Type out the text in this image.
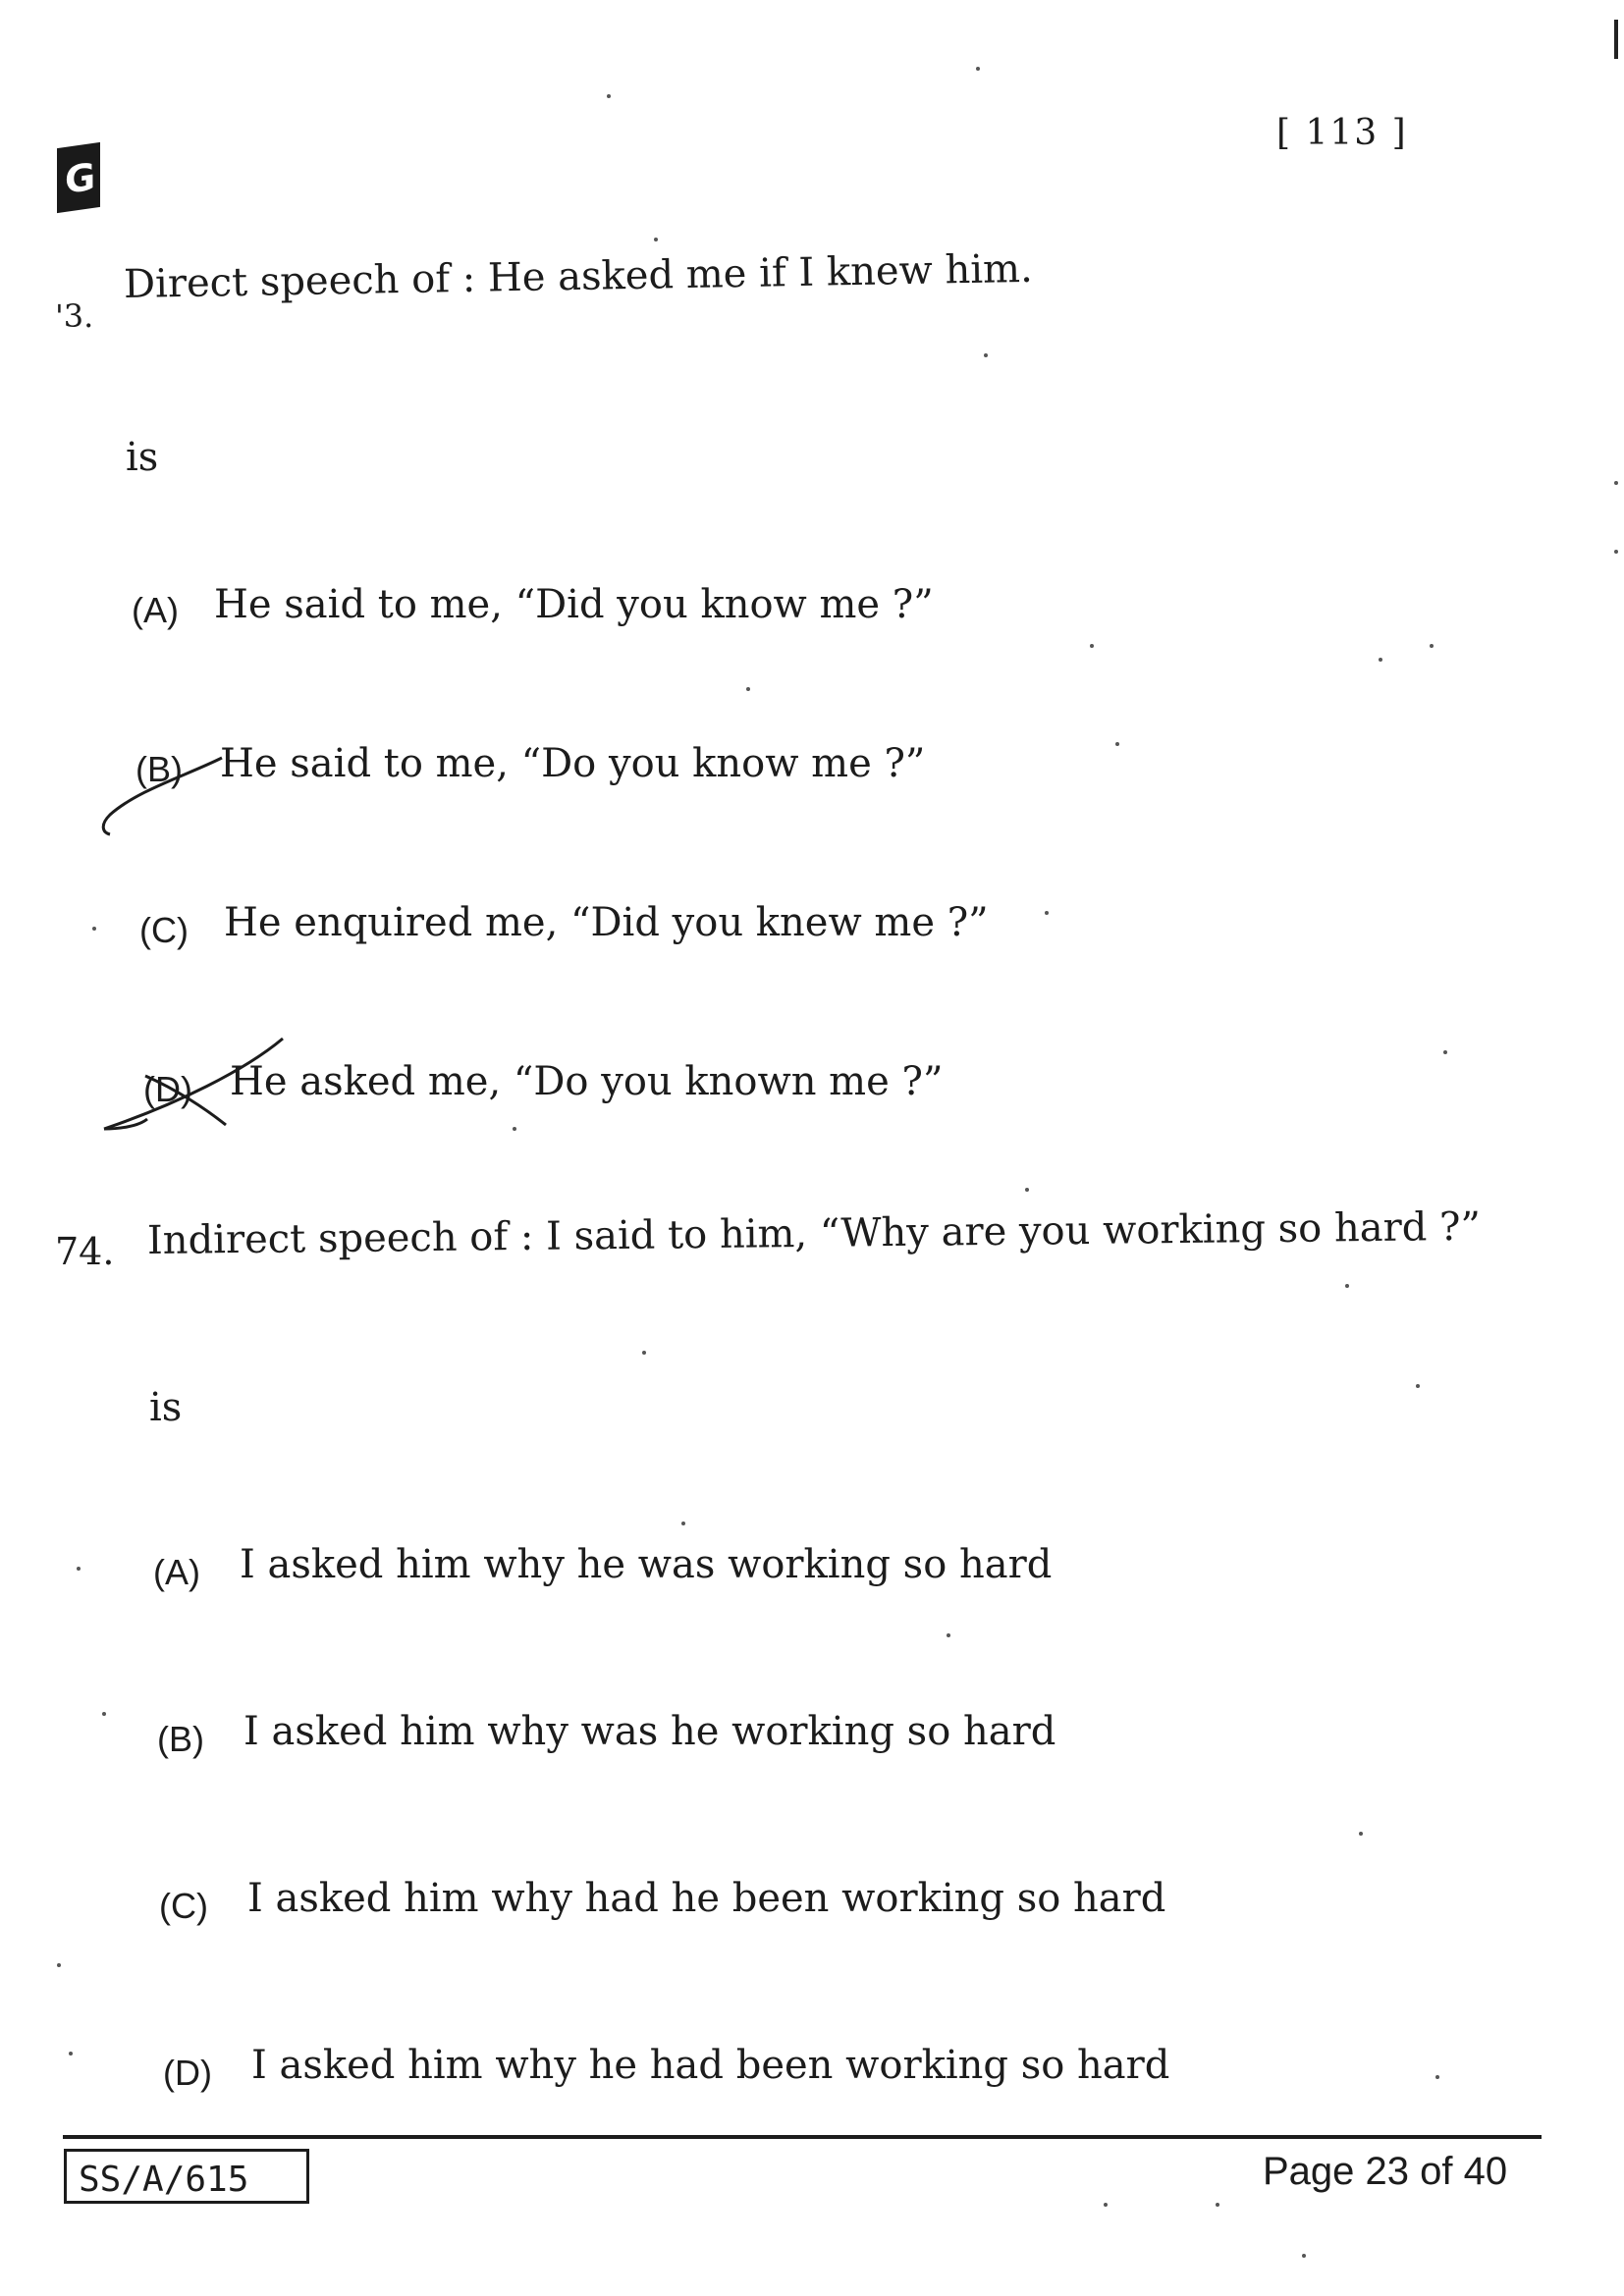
G
[ 113 ]
'3.
Direct speech of : He asked me if I knew him.
is
(A) He said to me, “Did you know me ?”
(B) He said to me, “Do you know me ?”
(C) He enquired me, “Did you knew me ?”
(D) He asked me, “Do you known me ?”
74. Indirect speech of : I said to him, “Why are you working so hard ?”
is
(A) I asked him why he was working so hard
(B) I asked him why was he working so hard
(C) I asked him why had he been working so hard
(D) I asked him why he had been working so hard
SS/A/615	Page 23 of 40
